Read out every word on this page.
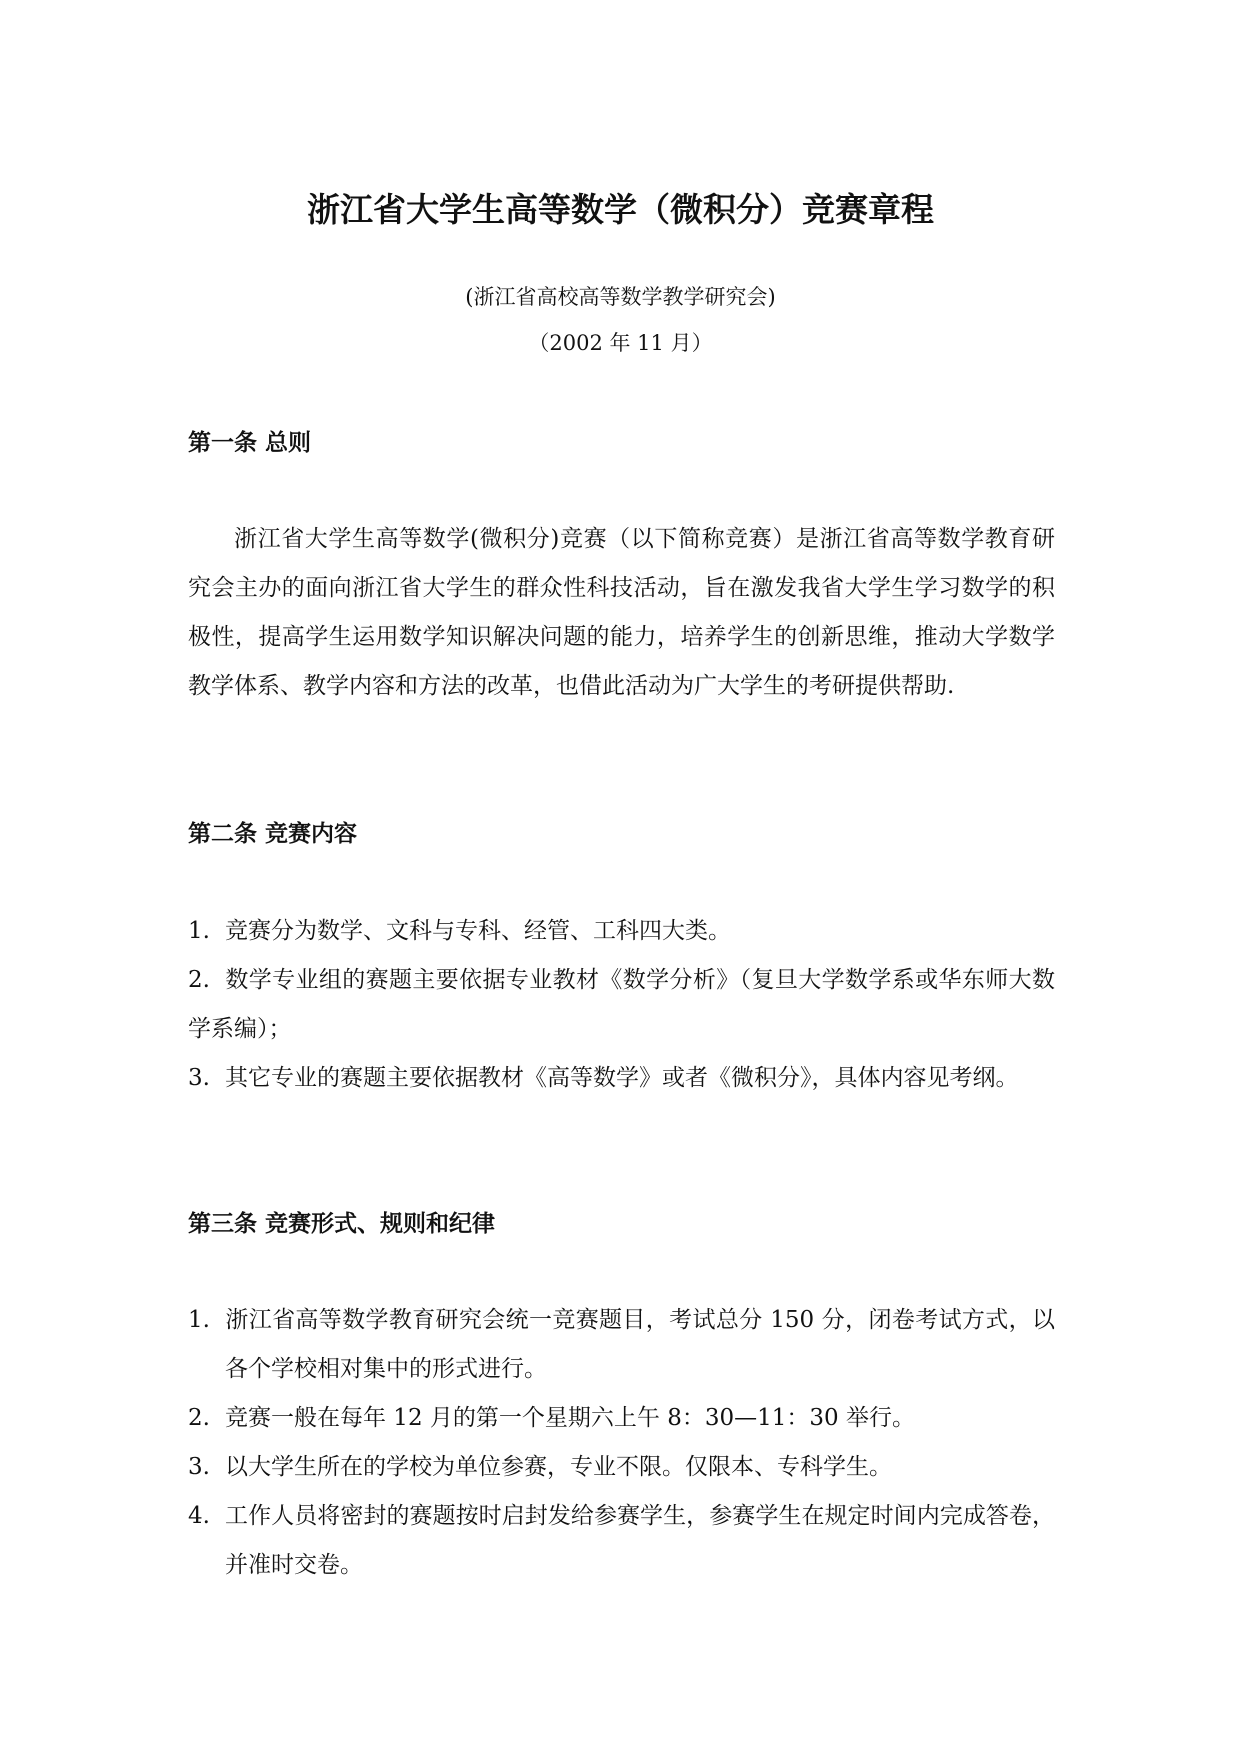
浙江省大学生高等数学（微积分）竞赛章程
(浙江省高校高等数学教学研究会)
（2002 年 11 月）
第一条 总则

浙江省大学生高等数学(微积分)竞赛（以下简称竞赛）是浙江省高等数学教育研究会主办的面向浙江省大学生的群众性科技活动，旨在激发我省大学生学习数学的积极性，提高学生运用数学知识解决问题的能力，培养学生的创新思维，推动大学数学教学体系、教学内容和方法的改革，也借此活动为广大学生的考研提供帮助.

第二条 竞赛内容
1. 竞赛分为数学、文科与专科、经管、工科四大类。
2. 数学专业组的赛题主要依据专业教材《数学分析》（复旦大学数学系或华东师大数学系编）；
3. 其它专业的赛题主要依据教材《高等数学》或者《微积分》，具体内容见考纲。
第三条 竞赛形式、规则和纪律
1. 浙江省高等数学教育研究会统一竞赛题目，考试总分 150 分，闭卷考试方式，以各个学校相对集中的形式进行。
2. 竞赛一般在每年 12 月的第一个星期六上午 8：30—11：30 举行。
3. 以大学生所在的学校为单位参赛，专业不限。仅限本、专科学生。
4. 工作人员将密封的赛题按时启封发给参赛学生，参赛学生在规定时间内完成答卷，并准时交卷。
